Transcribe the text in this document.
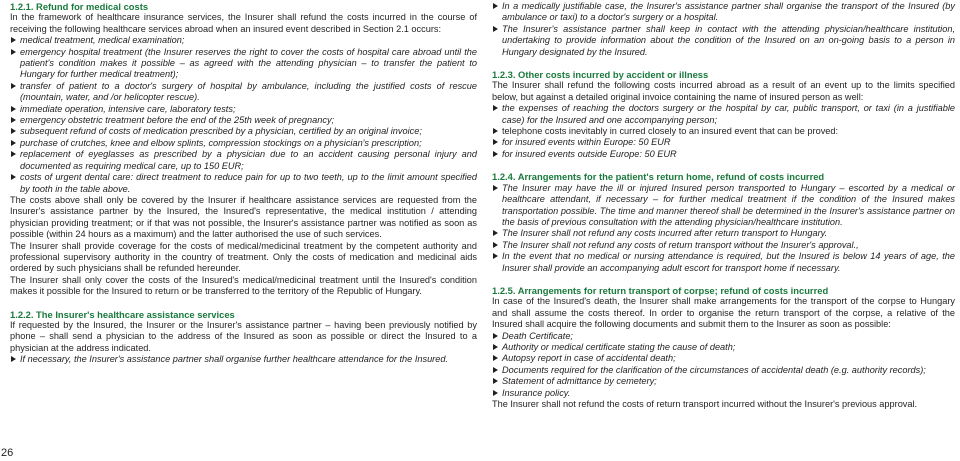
26
1.2.1. Refund for medical costs

In the framework of healthcare insurance services, the Insurer shall refund the costs incurred in the course of receiving the following healthcare services abroad when an insured event described in Section 2.1 occurs:

medical treatment, medical examination;
emergency hospital treatment (the Insurer reserves the right to cover the costs of hospital care abroad until the patient's condition makes it possible – as agreed with the attending physician – to transfer the patient to Hungary for further medical treatment);
transfer of patient to a doctor's surgery of hospital by ambulance, including the justified costs of rescue (mountain, water, and /or helicopter rescue).
immediate operation, intensive care, laboratory tests;
emergency obstetric treatment before the end of the 25th week of pregnancy;
subsequent refund of costs of medication prescribed by a physician, certified by an original invoice;
purchase of crutches, knee and elbow splints, compression stockings on a physician's prescription;
replacement of eyeglasses as prescribed by a physician due to an accident causing personal injury and documented as requiring medical care, up to 150 EUR;
costs of urgent dental care: direct treatment to reduce pain for up to two teeth, up to the limit amount specified by tooth in the table above.

The costs above shall only be covered by the Insurer if healthcare assistance services are requested from the Insurer's assistance partner by the Insured, the Insured's representative, the medical institution / attending physician providing treatment; or if that was not possible, the Insurer's assistance partner was notified as soon as possible (within 24 hours as a maximum) and the latter authorised the use of such services.

The Insurer shall provide coverage for the costs of medical/medicinal treatment by the competent authority and professional supervisory authority in the country of treatment. Only the costs of medication and medicinal aids ordered by such physicians shall be refunded hereunder.

The Insurer shall only cover the costs of the Insured's medical/medicinal treatment until the Insured's condition makes it possible for the Insured to return or be transferred to the territory of the Republic of Hungary.

1.2.2. The Insurer's healthcare assistance services

If requested by the Insured, the Insurer or the Insurer's assistance partner – having been previously notified by phone – shall send a physician to the address of the Insured as soon as possible or direct the Insured to a physician at the address indicated.

If necessary, the Insurer's assistance partner shall organise further healthcare attendance for the Insured.
In a medically justifiable case, the Insurer's assistance partner shall organise the transport of the Insured (by ambulance or taxi) to a doctor's surgery or a hospital.
The Insurer's assistance partner shall keep in contact with the attending physician/healthcare institution, undertaking to provide information about the condition of the Insured on an on-going basis to a person in Hungary designated by the Insured.
1.2.3. Other costs incurred by accident or illness

The Insurer shall refund the following costs incurred abroad as a result of an event up to the limits specified below, but against a detailed original invoice containing the name of insured person as well:

the expenses of reaching the doctors surgery or the hospital by car, public transport, or taxi (in a justifiable case) for the Insured and one accompanying person;
telephone costs inevitably in curred closely to an insured event that can be proved:
for insured events within Europe: 50 EUR
for insured events outside Europe: 50 EUR
1.2.4. Arrangements for the patient's return home, refund of costs incurred
The Insurer may have the ill or injured Insured person transported to Hungary – escorted by a medical or healthcare attendant, if necessary – for further medical treatment if the condition of the Insured makes transportation possible. The time and manner thereof shall be determined in the Insurer's assistance partner on the basis of previous consultation with the attending physician/healthcare institution.
The Insurer shall not refund any costs incurred after return transport to Hungary.
The Insurer shall not refund any costs of return transport without the Insurer's approval.,
In the event that no medical or nursing attendance is required, but the Insured is below 14 years of age, the Insurer shall provide an accompanying adult escort for transport home if necessary.
1.2.5. Arrangements for return transport of corpse; refund of costs incurred

In case of the Insured's death, the Insurer shall make arrangements for the transport of the corpse to Hungary and shall assume the costs thereof. In order to organise the return transport of the corpse, a relative of the Insured shall acquire the following documents and submit them to the Insurer as soon as possible:

Death Certificate;
Authority or medical certificate stating the cause of death;
Autopsy report in case of accidental death;
Documents required for the clarification of the circumstances of accidental death (e.g. authority records);
Statement of admittance by cemetery;
Insurance policy.

The Insurer shall not refund the costs of return transport incurred without the Insurer's previous approval.
